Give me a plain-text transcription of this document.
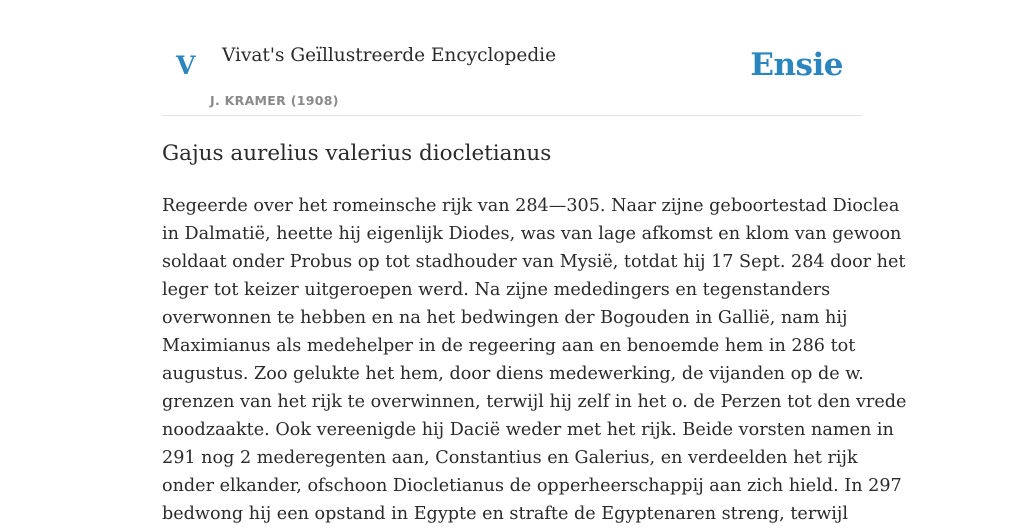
V Vivat's Geïllustreerde Encyclopedie
J. KRAMER (1908)
Ensie
Gajus aurelius valerius diocletianus

Regeerde over het romeinsche rijk van 284—305. Naar zijne geboortestad Dioclea
in Dalmatië, heette hij eigenlijk Diodes, was van lage afkomst en klom van gewoon
soldaat onder Probus op tot stadhouder van Mysië, totdat hij 17 Sept. 284 door het
leger tot keizer uitgeroepen werd. Na zijne mededingers en tegenstanders
overwonnen te hebben en na het bedwingen der Bogouden in Gallië, nam hij
Maximianus als medehelper in de regeering aan en benoemde hem in 286 tot
augustus. Zoo gelukte het hem, door diens medewerking, de vijanden op de w.
grenzen van het rijk te overwinnen, terwijl hij zelf in het o. de Perzen tot den vrede
noodzaakte. Ook vereenigde hij Dacië weder met het rijk. Beide vorsten namen in
291 nog 2 mederegenten aan, Constantius en Galerius, en verdeelden het rijk
onder elkander, ofschoon Diocletianus de opperheerschappij aan zich hield. In 297
bedwong hij een opstand in Egypte en strafte de Egyptenaren streng, terwijl
